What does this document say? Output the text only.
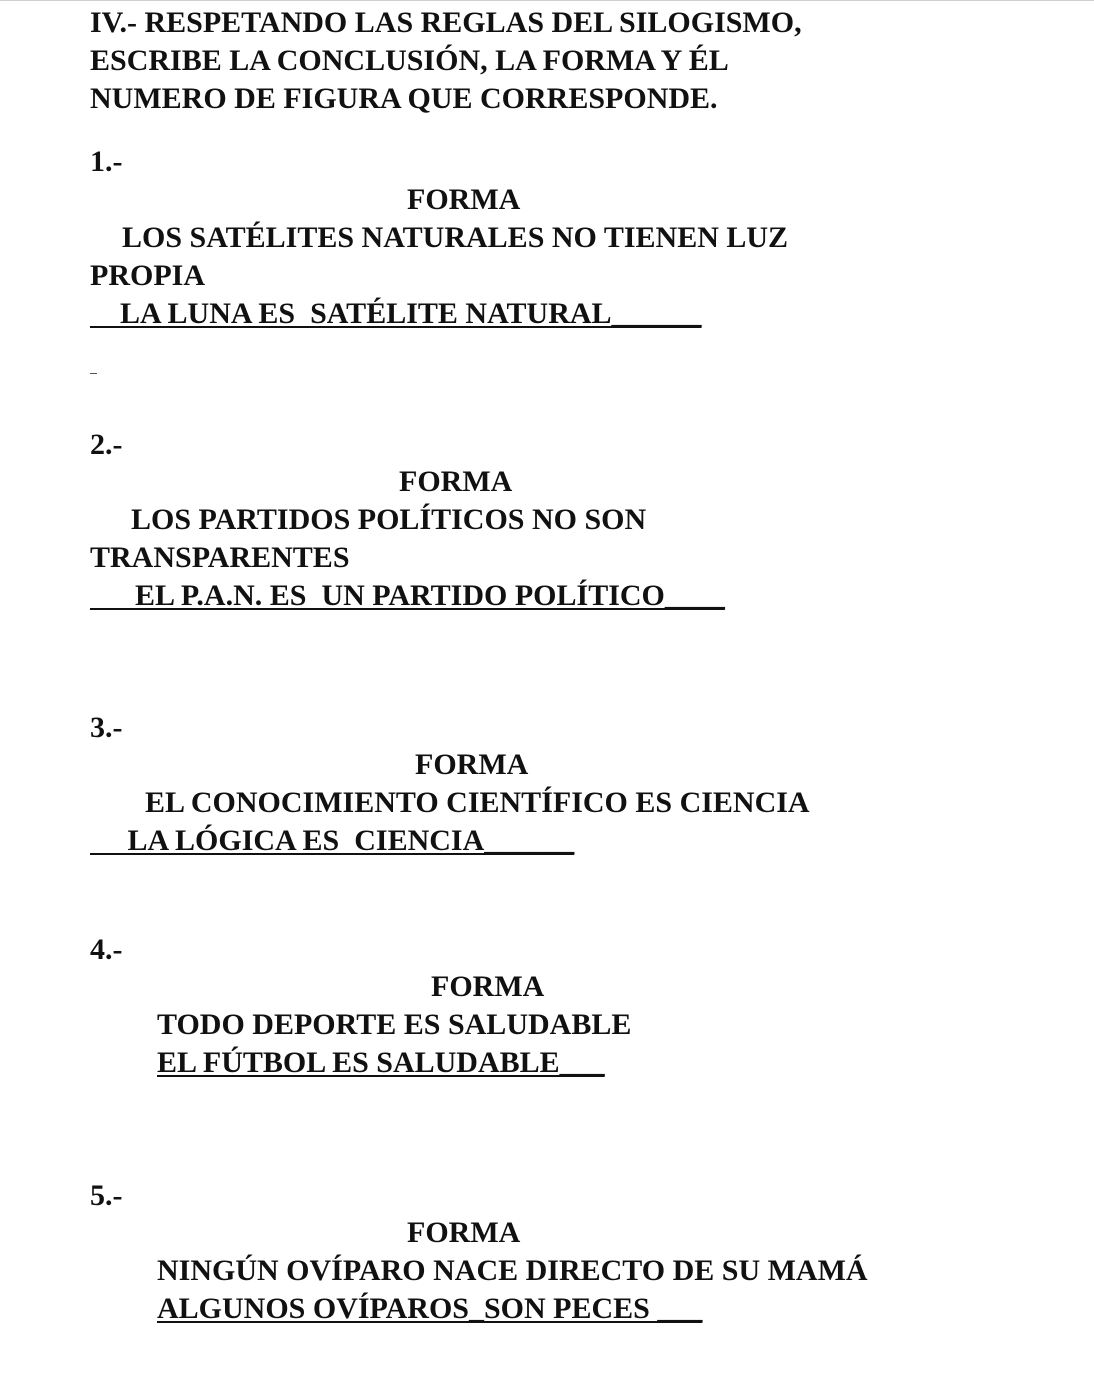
IV.- RESPETANDO LAS REGLAS DEL SILOGISMO,

ESCRIBE LA CONCLUSIÓN, LA FORMA Y ÉL

NUMERO DE FIGURA QUE CORRESPONDE.

1.-

FORMA

LOS SATÉLITES NATURALES NO TIENEN LUZ

PROPIA

LA LUNA ES  SATÉLITE NATURAL______

2.-

FORMA

LOS PARTIDOS POLÍTICOS NO SON

TRANSPARENTES

EL P.A.N. ES  UN PARTIDO POLÍTICO____

3.-

FORMA

EL CONOCIMIENTO CIENTÍFICO ES CIENCIA

LA LÓGICA ES  CIENCIA______

4.-

FORMA

TODO DEPORTE ES SALUDABLE

EL FÚTBOL ES SALUDABLE___

5.-

FORMA

NINGÚN OVÍPARO NACE DIRECTO DE SU MAMÁ

ALGUNOS OVÍPAROS_SON PECES ___
